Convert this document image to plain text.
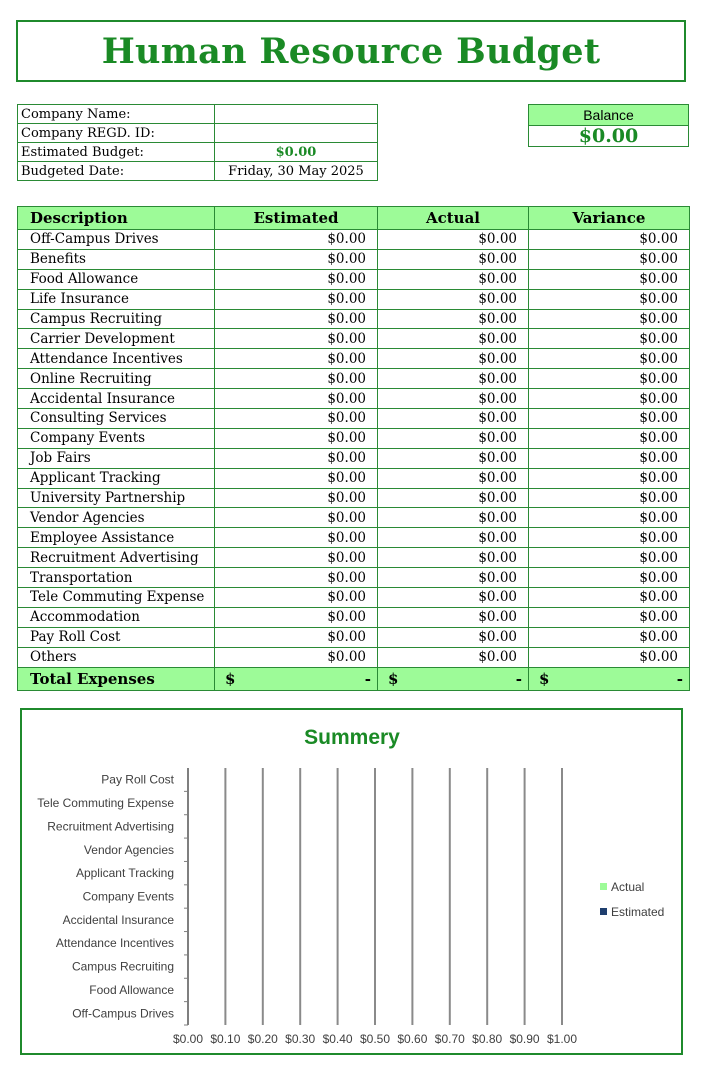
Human Resource Budget
Company Name:	
Company REGD. ID:	
Estimated Budget:	$0.00
Budgeted Date:	Friday, 30 May 2025
Balance
$0.00
Description	Estimated	Actual	Variance
Off-Campus Drives	$0.00	$0.00	$0.00
Benefits	$0.00	$0.00	$0.00
Food Allowance	$0.00	$0.00	$0.00
Life Insurance	$0.00	$0.00	$0.00
Campus Recruiting	$0.00	$0.00	$0.00
Carrier Development	$0.00	$0.00	$0.00
Attendance Incentives	$0.00	$0.00	$0.00
Online Recruiting	$0.00	$0.00	$0.00
Accidental Insurance	$0.00	$0.00	$0.00
Consulting Services	$0.00	$0.00	$0.00
Company Events	$0.00	$0.00	$0.00
Job Fairs	$0.00	$0.00	$0.00
Applicant Tracking	$0.00	$0.00	$0.00
University Partnership	$0.00	$0.00	$0.00
Vendor Agencies	$0.00	$0.00	$0.00
Employee Assistance	$0.00	$0.00	$0.00
Recruitment Advertising	$0.00	$0.00	$0.00
Transportation	$0.00	$0.00	$0.00
Tele Commuting Expense	$0.00	$0.00	$0.00
Accommodation	$0.00	$0.00	$0.00
Pay Roll Cost	$0.00	$0.00	$0.00
Others	$0.00	$0.00	$0.00
Total Expenses	$ -	$ -	$ -
Summery
$0.00 $0.10 $0.20 $0.30 $0.40 $0.50 $0.60 $0.70 $0.80 $0.90 $1.00
Off-Campus Drives
Food Allowance
Campus Recruiting
Attendance Incentives
Accidental Insurance
Company Events
Applicant Tracking
Vendor Agencies
Recruitment Advertising
Tele Commuting Expense
Pay Roll Cost
Actual
Estimated
